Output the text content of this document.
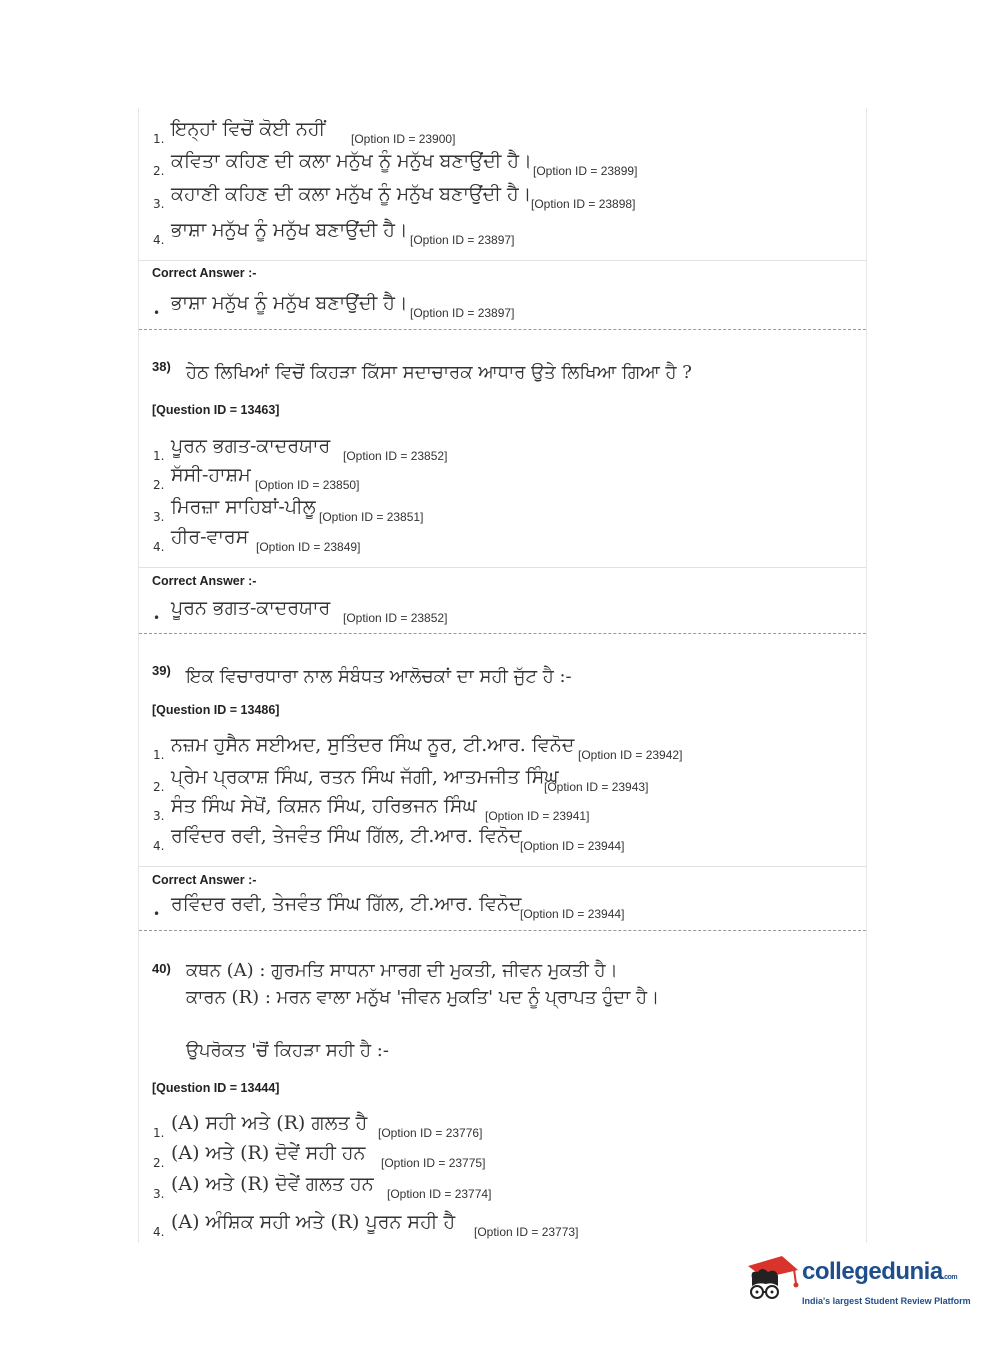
1. ਇਨ੍ਹਾਂ ਵਿਚੋਂ ਕੋਈ ਨਹੀਂ [Option ID = 23900]
2. ਕਵਿਤਾ ਕਹਿਣ ਦੀ ਕਲਾ ਮਨੁੱਖ ਨੂੰ ਮਨੁੱਖ ਬਣਾਉਂਦੀ ਹੈ। [Option ID = 23899]
3. ਕਹਾਣੀ ਕਹਿਣ ਦੀ ਕਲਾ ਮਨੁੱਖ ਨੂੰ ਮਨੁੱਖ ਬਣਾਉਂਦੀ ਹੈ। [Option ID = 23898]
4. ਭਾਸ਼ਾ ਮਨੁੱਖ ਨੂੰ ਮਨੁੱਖ ਬਣਾਉਂਦੀ ਹੈ। [Option ID = 23897]
Correct Answer :-
• ਭਾਸ਼ਾ ਮਨੁੱਖ ਨੂੰ ਮਨੁੱਖ ਬਣਾਉਂਦੀ ਹੈ। [Option ID = 23897]
38) ਹੇਠ ਲਿਖਿਆਂ ਵਿਚੋਂ ਕਿਹੜਾ ਕਿੱਸਾ ਸਦਾਚਾਰਕ ਆਧਾਰ ਉਤੇ ਲਿਖਿਆ ਗਿਆ ਹੈ ?
[Question ID = 13463]
1. ਪੂਰਨ ਭਗਤ-ਕਾਦਰਯਾਰ [Option ID = 23852]
2. ਸੱਸੀ-ਹਾਸ਼ਮ [Option ID = 23850]
3. ਮਿਰਜ਼ਾ ਸਾਹਿਬਾਂ-ਪੀਲੂ [Option ID = 23851]
4. ਹੀਰ-ਵਾਰਸ [Option ID = 23849]
Correct Answer :-
• ਪੂਰਨ ਭਗਤ-ਕਾਦਰਯਾਰ [Option ID = 23852]
39) ਇਕ ਵਿਚਾਰਧਾਰਾ ਨਾਲ ਸੰਬੰਧਤ ਆਲੋਚਕਾਂ ਦਾ ਸਹੀ ਜੁੱਟ ਹੈ :-
[Question ID = 13486]
1. ਨਜ਼ਮ ਹੁਸੈਨ ਸਈਅਦ, ਸੁਤਿੰਦਰ ਸਿੰਘ ਨੂਰ, ਟੀ.ਆਰ. ਵਿਨੋਦ [Option ID = 23942]
2. ਪ੍ਰੇਮ ਪ੍ਰਕਾਸ਼ ਸਿੰਘ, ਰਤਨ ਸਿੰਘ ਜੱਗੀ, ਆਤਮਜੀਤ ਸਿੰਘ
[Option ID = 23943]
3. ਸੰਤ ਸਿੰਘ ਸੇਖੋਂ, ਕਿਸ਼ਨ ਸਿੰਘ, ਹਰਿਭਜਨ ਸਿੰਘ [Option ID = 23941]
4. ਰਵਿੰਦਰ ਰਵੀ, ਤੇਜਵੰਤ ਸਿੰਘ ਗਿੱਲ, ਟੀ.ਆਰ. ਵਿਨੋਦ
[Option ID = 23944]
Correct Answer :-
• ਰਵਿੰਦਰ ਰਵੀ, ਤੇਜਵੰਤ ਸਿੰਘ ਗਿੱਲ, ਟੀ.ਆਰ. ਵਿਨੋਦ
[Option ID = 23944]
40) ਕਥਨ (A) : ਗੁਰਮਤਿ ਸਾਧਨਾ ਮਾਰਗ ਦੀ ਮੁਕਤੀ, ਜੀਵਨ ਮੁਕਤੀ ਹੈ।
ਕਾਰਨ (R) : ਮਰਨ ਵਾਲਾ ਮਨੁੱਖ 'ਜੀਵਨ ਮੁਕਤਿ' ਪਦ ਨੂੰ ਪ੍ਰਾਪਤ ਹੁੰਦਾ ਹੈ।
ਉਪਰੋਕਤ 'ਚੋਂ ਕਿਹੜਾ ਸਹੀ ਹੈ :-
[Question ID = 13444]
1. (A) ਸਹੀ ਅਤੇ (R) ਗਲਤ ਹੈ [Option ID = 23776]
2. (A) ਅਤੇ (R) ਦੋਵੇਂ ਸਹੀ ਹਨ [Option ID = 23775]
3. (A) ਅਤੇ (R) ਦੋਵੇਂ ਗਲਤ ਹਨ [Option ID = 23774]
4. (A) ਅੰਸ਼ਿਕ ਸਹੀ ਅਤੇ (R) ਪੂਰਨ ਸਹੀ ਹੈ [Option ID = 23773]
collegedunia.com
India's largest Student Review Platform
